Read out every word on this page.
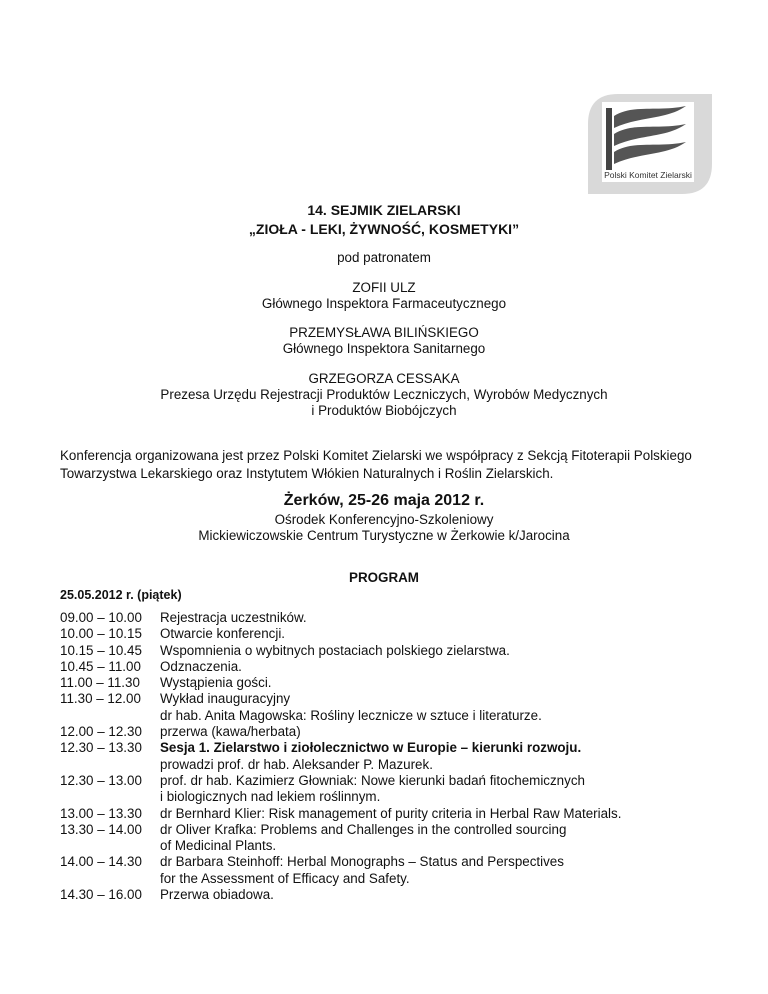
Polski Komitet Zielarski
14. SEJMIK ZIELARSKI
„ZIOŁA - LEKI, ŻYWNOŚĆ, KOSMETYKI”
pod patronatem
ZOFII ULZ
Głównego Inspektora Farmaceutycznego
PRZEMYSŁAWA BILIŃSKIEGO
Głównego Inspektora Sanitarnego
GRZEGORZA CESSAKA
Prezesa Urzędu Rejestracji Produktów Leczniczych, Wyrobów Medycznych
i Produktów Biobójczych
Konferencja organizowana jest przez Polski Komitet Zielarski we współpracy z Sekcją Fitoterapii Polskiego
Towarzystwa Lekarskiego oraz Instytutem Włókien Naturalnych i Roślin Zielarskich.
Żerków, 25-26 maja 2012 r.
Ośrodek Konferencyjno-Szkoleniowy
Mickiewiczowskie Centrum Turystyczne w Żerkowie k/Jarocina
PROGRAM
25.05.2012 r. (piątek)
09.00 – 10.00	Rejestracja uczestników.
10.00 – 10.15	Otwarcie konferencji.
10.15 – 10.45	Wspomnienia o wybitnych postaciach polskiego zielarstwa.
10.45 – 11.00	Odznaczenia.
11.00 – 11.30	Wystąpienia gości.
11.30 – 12.00	Wykład inauguracyjny
dr hab. Anita Magowska: Rośliny lecznicze w sztuce i literaturze.
12.00 – 12.30	przerwa (kawa/herbata)
12.30 – 13.30	Sesja 1. Zielarstwo i ziołolecznictwo w Europie – kierunki rozwoju.
prowadzi prof. dr hab. Aleksander P. Mazurek.
12.30 – 13.00	prof. dr hab. Kazimierz Głowniak: Nowe kierunki badań fitochemicznych
i biologicznych nad lekiem roślinnym.
13.00 – 13.30	dr Bernhard Klier: Risk management of purity criteria in Herbal Raw Materials.
13.30 – 14.00	dr Oliver Krafka: Problems and Challenges in the controlled sourcing
of Medicinal Plants.
14.00 – 14.30	dr Barbara Steinhoff: Herbal Monographs – Status and Perspectives
for the Assessment of Efficacy and Safety.
14.30 – 16.00	Przerwa obiadowa.
